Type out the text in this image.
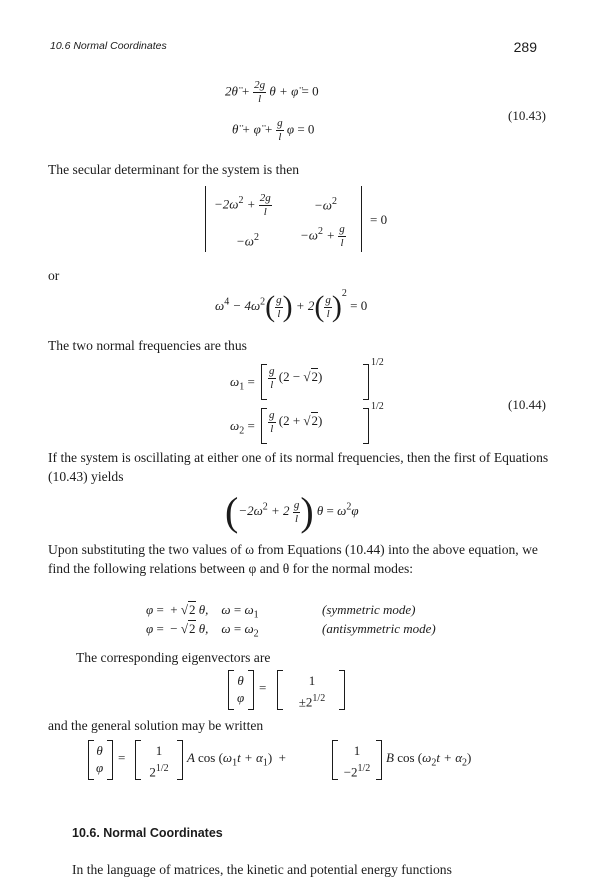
10.6 Normal Coordinates	289
2θ̈ + $\frac{2g}{l}$ θ + φ̈ = 0
θ̈ + φ̈ + $\frac{g}{l}$ φ = 0
(10.43)
The secular determinant for the system is then
$-2\omega^2 + \frac{2g}{l}$	$-\omega^2$
$-\omega^2$	$-\omega^2 + \frac{g}{l}$
= 0
or
$\omega^4 - 4\omega^2( \frac{g}{l}$ ) + $2( \frac{g}{l} )^2 = 0$
The two normal frequencies are thus
$\omega_1 = \frac{g}{l} (2 - √2)$
1/2
$\omega_2 = \frac{g}{l} (2 + √2)$
1/2	(10.44)
If the system is oscillating at either one of its normal frequencies, then the first of Equations (10.43) yields
($-2\omega^2 + 2 \frac{g}{l}$ ) $\theta = \omega^2\varphi$
Upon substituting the two values of ω from Equations (10.44) into the above equation, we find the following relations between φ and θ for the normal modes:
φ = + √2 θ,    $\omega = \omega_1$	(symmetric mode)
φ = − √2 θ,    $\omega = \omega_2$	(antisymmetric mode)
The corresponding eigenvectors are
θ
φ
=	1
$\pm 2^{1/2}$
and the general solution may be written
θ
φ
=	1
$2^{1/2}$
A $\cos (\omega_1t + \alpha_1)$ +	1
$-2^{1/2}$
B $\cos (\omega_2t + \alpha_2)$
10.6. Normal Coordinates
In the language of matrices, the kinetic and potential energy functions
